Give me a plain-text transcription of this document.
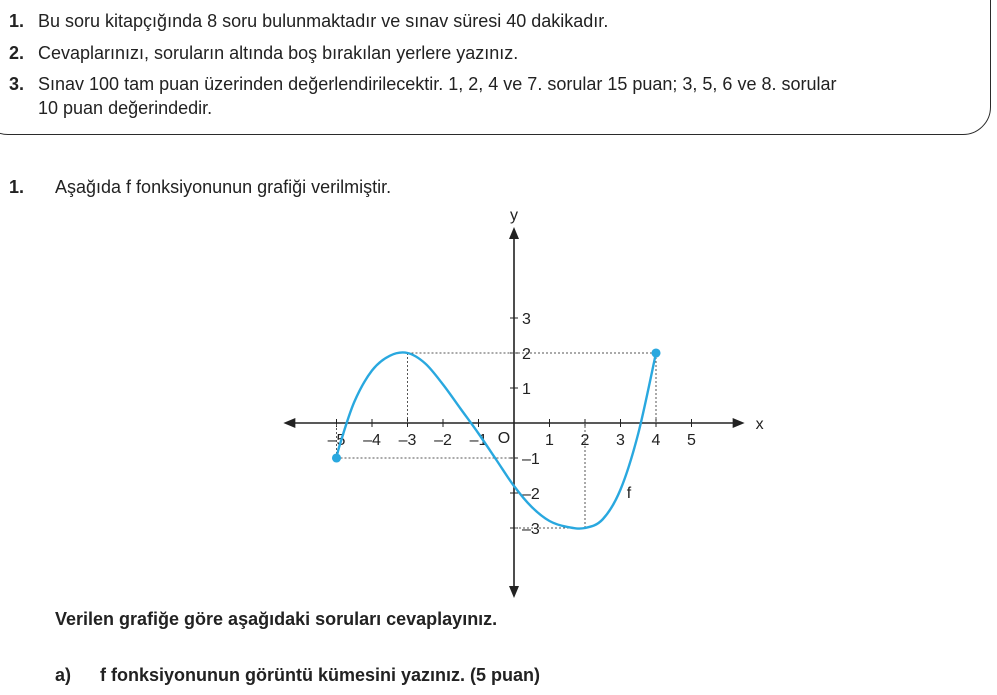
1. Bu soru kitapçığında 8 soru bulunmaktadır ve sınav süresi 40 dakikadır.
2. Cevaplarınızı, soruların altında boş bırakılan yerlere yazınız.
3. Sınav 100 tam puan üzerinden değerlendirilecektir. 1, 2, 4 ve 7. sorular 15 puan; 3, 5, 6 ve 8. sorular
10 puan değerindedir.
1. Aşağıda f fonksiyonunun grafiği verilmiştir.
x
y
O
–5 –4 –3 –2 –1	1 2 3 4 5
3
2
1
–1
–2
–3
f
Verilen grafiğe göre aşağıdaki soruları cevaplayınız.
a) f fonksiyonunun görüntü kümesini yazınız. (5 puan)
